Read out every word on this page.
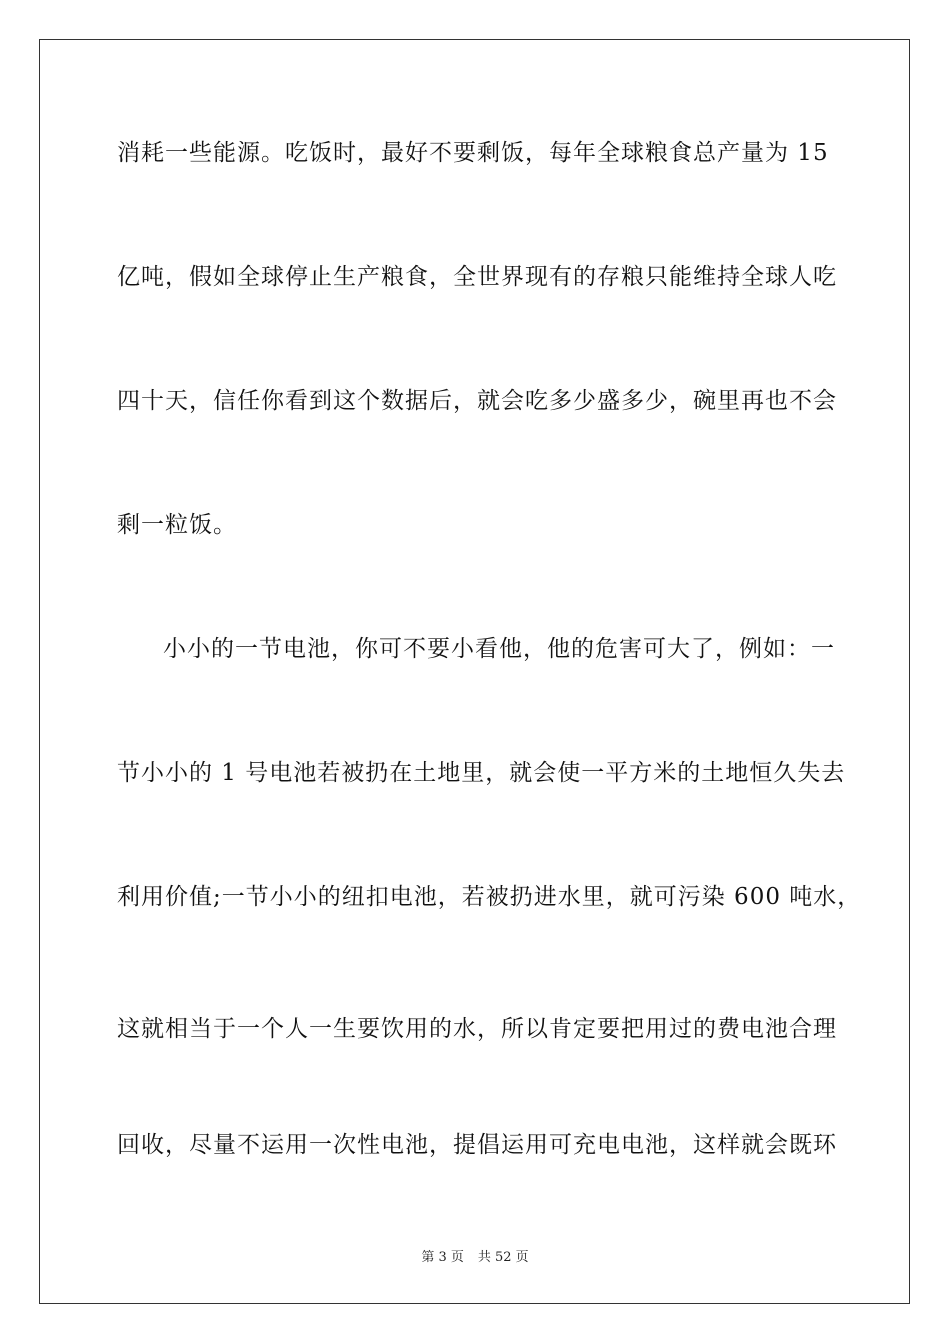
消耗一些能源。吃饭时，最好不要剩饭，每年全球粮食总产量为 15
亿吨，假如全球停止生产粮食，全世界现有的存粮只能维持全球人吃
四十天，信任你看到这个数据后，就会吃多少盛多少，碗里再也不会
剩一粒饭。
小小的一节电池，你可不要小看他，他的危害可大了，例如：一
节小小的 1 号电池若被扔在土地里，就会使一平方米的土地恒久失去
利用价值;一节小小的纽扣电池，若被扔进水里，就可污染 600 吨水，
这就相当于一个人一生要饮用的水，所以肯定要把用过的费电池合理
回收，尽量不运用一次性电池，提倡运用可充电电池，这样就会既环
第 3 页 共 52 页
